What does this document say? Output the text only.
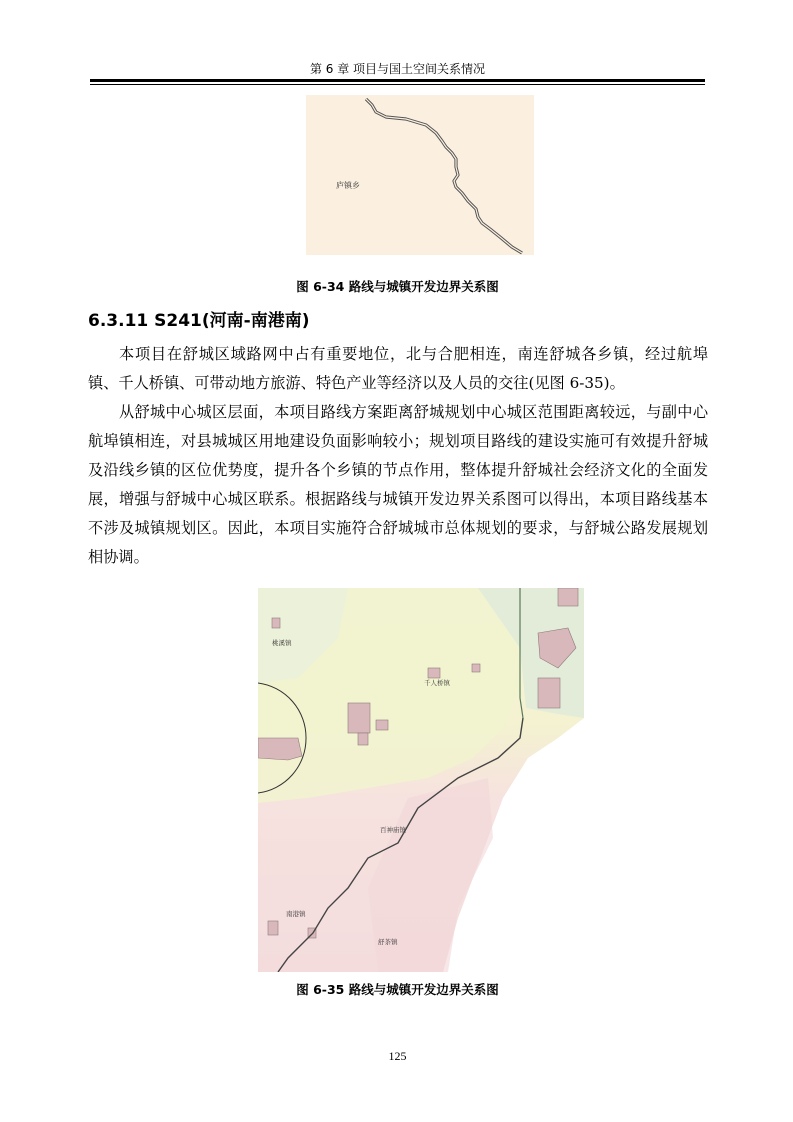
第 6 章 项目与国土空间关系情况
庐镇乡
图 6-34 路线与城镇开发边界关系图
6.3.11 S241(河南-南港南)

本项目在舒城区域路网中占有重要地位，北与合肥相连，南连舒城各乡镇，经过航埠镇、千人桥镇、可带动地方旅游、特色产业等经济以及人员的交往(见图 6-35)。

从舒城中心城区层面，本项目路线方案距离舒城规划中心城区范围距离较远，与副中心航埠镇相连，对县城城区用地建设负面影响较小；规划项目路线的建设实施可有效提升舒城及沿线乡镇的区位优势度，提升各个乡镇的节点作用，整体提升舒城社会经济文化的全面发展，增强与舒城中心城区联系。根据路线与城镇开发边界关系图可以得出，本项目路线基本不涉及城镇规划区。因此，本项目实施符合舒城城市总体规划的要求，与舒城公路发展规划相协调。

桃溪镇
千人桥镇
百神庙镇
南港镇
舒茶镇
图 6-35 路线与城镇开发边界关系图
125
